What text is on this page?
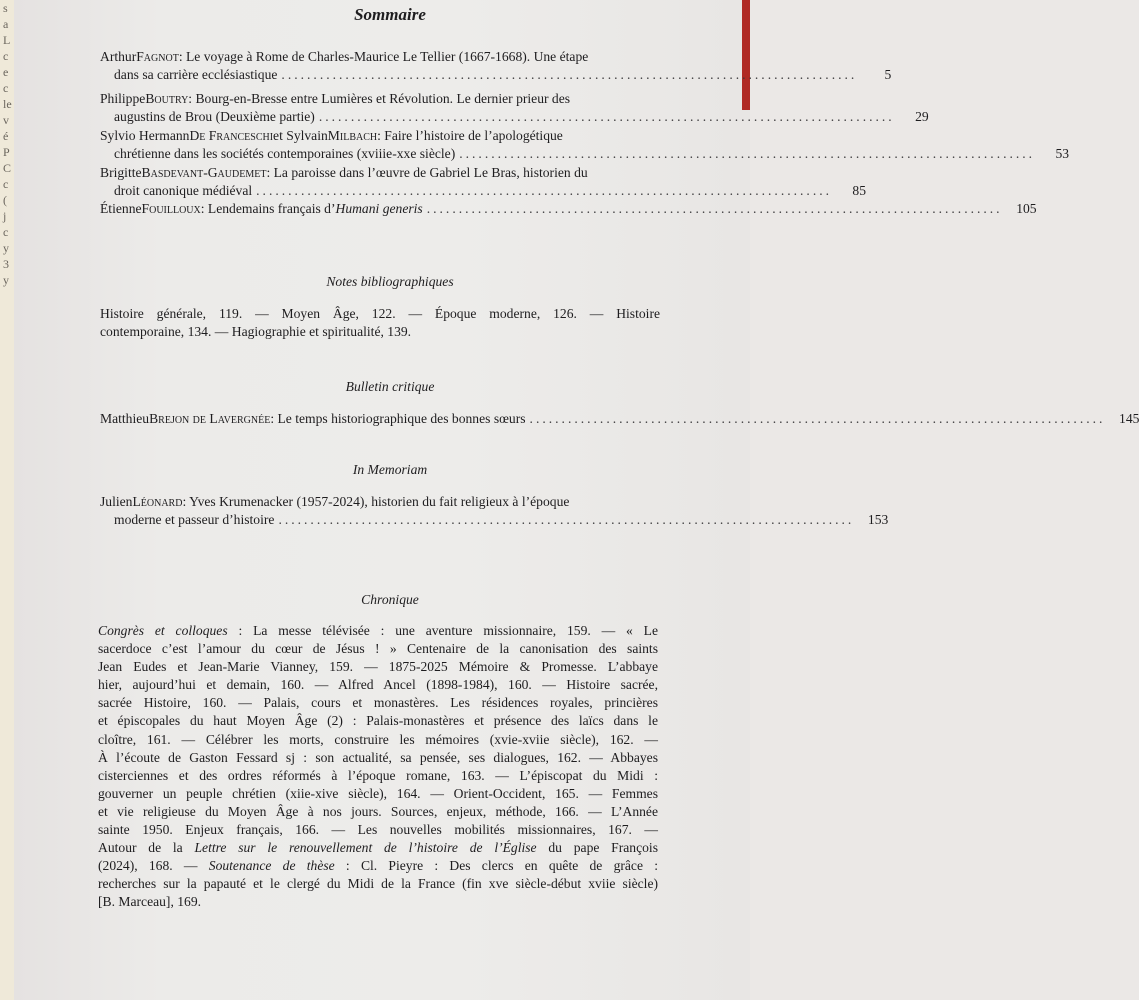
s
a
L
c
e
c
le
v
é
P
C
c
(
j
c
y
3
y
Sommaire
Arthur Fagnot : Le voyage à Rome de Charles-Maurice Le Tellier (1667-1668). Une étape
dans sa carrière ecclésiastique ..........................................................................................	5
Philippe Boutry : Bourg-en-Bresse entre Lumières et Révolution. Le dernier prieur des
augustins de Brou (Deuxième partie) ..........................................................................................	29
Sylvio Hermann De Franceschi et Sylvain Milbach : Faire l’histoire de l’apologétique
chrétienne dans les sociétés contemporaines (xviiie-xxe siècle) ..........................................................................................	53
Brigitte Basdevant-Gaudemet : La paroisse dans l’œuvre de Gabriel Le Bras, historien du
droit canonique médiéval ..........................................................................................	85
Étienne Fouilloux : Lendemains français d’ Humani generis ..........................................................................................	105
Notes bibliographiques
Histoire générale, 119. — Moyen Âge, 122. — Époque moderne, 126. — Histoire
contemporaine, 134. — Hagiographie et spiritualité, 139.
Bulletin critique
Matthieu Brejon de Lavergnée : Le temps historiographique des bonnes sœurs ..........................................................................................	145
In Memoriam
Julien Léonard : Yves Krumenacker (1957-2024), historien du fait religieux à l’époque
moderne et passeur d’histoire ..........................................................................................	153
Chronique
Congrès et colloques : La messe télévisée : une aventure missionnaire, 159. — « Le
sacerdoce c’est l’amour du cœur de Jésus ! » Centenaire de la canonisation des saints
Jean Eudes et Jean-Marie Vianney, 159. — 1875-2025 Mémoire & Promesse. L’abbaye
hier, aujourd’hui et demain, 160. — Alfred Ancel (1898-1984), 160. — Histoire sacrée,
sacrée Histoire, 160. — Palais, cours et monastères. Les résidences royales, princières
et épiscopales du haut Moyen Âge (2) : Palais-monastères et présence des laïcs dans le
cloître, 161. — Célébrer les morts, construire les mémoires (xvie-xviie siècle), 162. —
À l’écoute de Gaston Fessard sj : son actualité, sa pensée, ses dialogues, 162. — Abbayes
cisterciennes et des ordres réformés à l’époque romane, 163. — L’épiscopat du Midi :
gouverner un peuple chrétien (xiie-xive siècle), 164. — Orient-Occident, 165. — Femmes
et vie religieuse du Moyen Âge à nos jours. Sources, enjeux, méthode, 166. — L’Année
sainte 1950. Enjeux français, 166. — Les nouvelles mobilités missionnaires, 167. —
Autour de la Lettre sur le renouvellement de l’histoire de l’Église du pape François
(2024), 168. — Soutenance de thèse : Cl. Pieyre : Des clercs en quête de grâce :
recherches sur la papauté et le clergé du Midi de la France (fin xve siècle-début xviie siècle)
[B. Marceau], 169.
